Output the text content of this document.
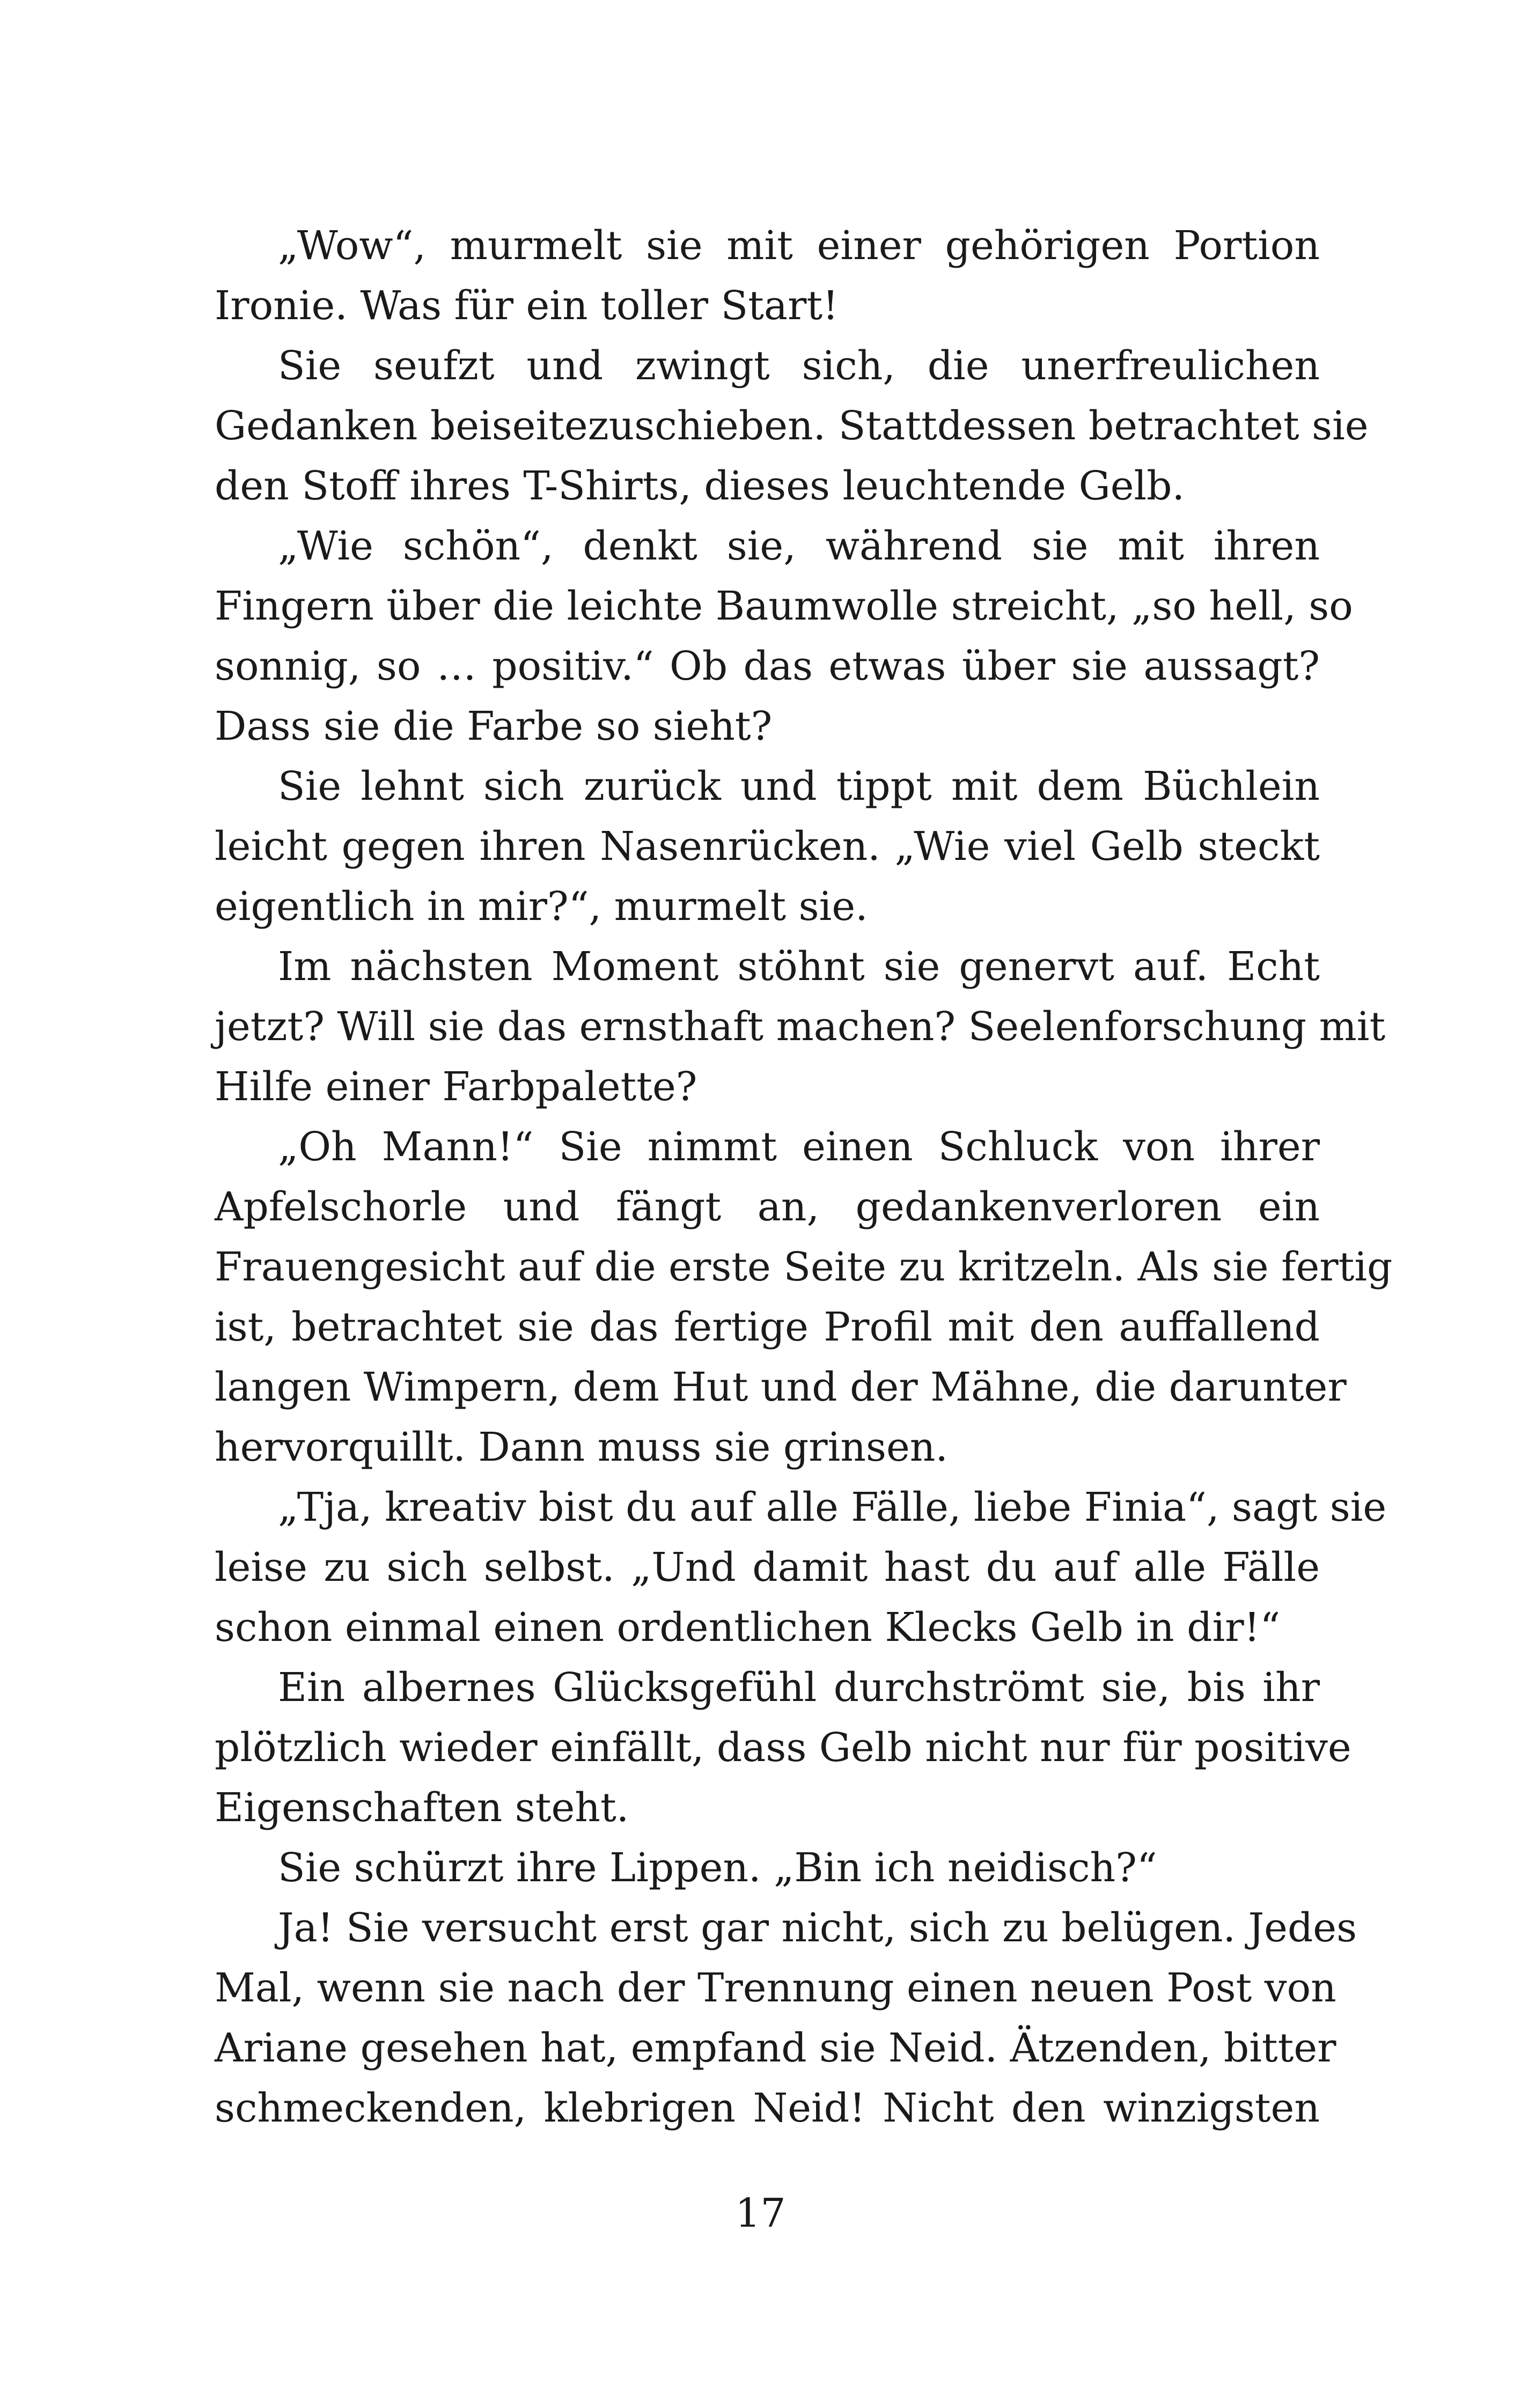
„Wow“, murmelt sie mit einer gehörigen Portion
Ironie. Was für ein toller Start!
Sie seufzt und zwingt sich, die unerfreulichen
Gedanken beiseitezuschieben. Stattdessen betrachtet sie
den Stoff ihres T-Shirts, dieses leuchtende Gelb.
„Wie schön“, denkt sie, während sie mit ihren
Fingern über die leichte Baumwolle streicht, „so hell, so
sonnig, so … positiv.“ Ob das etwas über sie aussagt?
Dass sie die Farbe so sieht?
Sie lehnt sich zurück und tippt mit dem Büchlein
leicht gegen ihren Nasenrücken. „Wie viel Gelb steckt
eigentlich in mir?“, murmelt sie.
Im nächsten Moment stöhnt sie genervt auf. Echt
jetzt? Will sie das ernsthaft machen? Seelenforschung mit
Hilfe einer Farbpalette?
„Oh Mann!“ Sie nimmt einen Schluck von ihrer
Apfelschorle und fängt an, gedankenverloren ein
Frauengesicht auf die erste Seite zu kritzeln. Als sie fertig
ist, betrachtet sie das fertige Profil mit den auffallend
langen Wimpern, dem Hut und der Mähne, die darunter
hervorquillt. Dann muss sie grinsen.
„Tja, kreativ bist du auf alle Fälle, liebe Finia“, sagt sie
leise zu sich selbst. „Und damit hast du auf alle Fälle
schon einmal einen ordentlichen Klecks Gelb in dir!“
Ein albernes Glücksgefühl durchströmt sie, bis ihr
plötzlich wieder einfällt, dass Gelb nicht nur für positive
Eigenschaften steht.
Sie schürzt ihre Lippen. „Bin ich neidisch?“
Ja! Sie versucht erst gar nicht, sich zu belügen. Jedes
Mal, wenn sie nach der Trennung einen neuen Post von
Ariane gesehen hat, empfand sie Neid. Ätzenden, bitter
schmeckenden, klebrigen Neid! Nicht den winzigsten
17
